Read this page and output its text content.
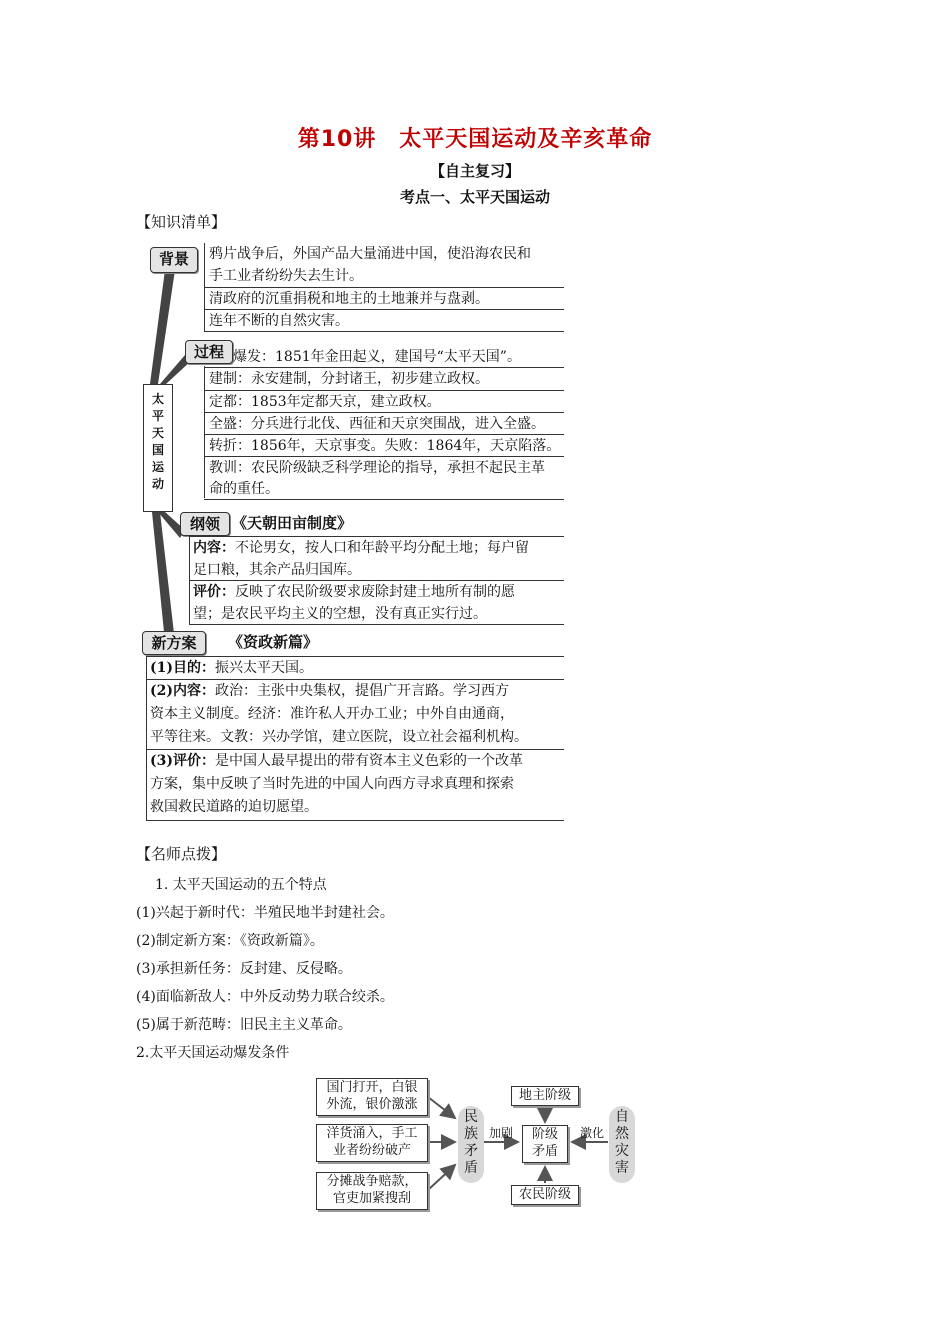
第10讲　太平天国运动及辛亥革命
【自主复习】
考点一、太平天国运动
【知识清单】
太
平
天
国
运
动
背景	鸦片战争后，外国产品大量涌进中国，使沿海农民和
手工业者纷纷失去生计。
清政府的沉重捐税和地主的土地兼并与盘剥。
连年不断的自然灾害。
过程 爆发：1851年金田起义，建国号“太平天国”。
建制：永安建制，分封诸王，初步建立政权。
定都：1853年定都天京，建立政权。
全盛：分兵进行北伐、西征和天京突围战，进入全盛。
转折：1856年，天京事变。失败：1864年，天京陷落。
教训：农民阶级缺乏科学理论的指导，承担不起民主革
命的重任。
纲领 《天朝田亩制度》
内容：不论男女，按人口和年龄平均分配土地；每户留
足口粮，其余产品归国库。
评价：反映了农民阶级要求废除封建土地所有制的愿
望；是农民平均主义的空想，没有真正实行过。
新方案	《资政新篇》
(1)目的：振兴太平天国。
(2)内容：政治：主张中央集权，提倡广开言路。学习西方
资本主义制度。经济：准许私人开办工业；中外自由通商，
平等往来。文教：兴办学馆，建立医院，设立社会福利机构。
(3)评价：是中国人最早提出的带有资本主义色彩的一个改革
方案，集中反映了当时先进的中国人向西方寻求真理和探索
救国救民道路的迫切愿望。
【名师点拨】
1. 太平天国运动的五个特点
(1)兴起于新时代：半殖民地半封建社会。
(2)制定新方案：《资政新篇》。
(3)承担新任务：反封建、反侵略。
(4)面临新敌人：中外反动势力联合绞杀。
(5)属于新范畴：旧民主主义革命。
2.太平天国运动爆发条件
国门打开，白银
外流，银价激涨
洋货涌入，手工
业者纷纷破产
分摊战争赔款，
官吏加紧搜刮
民
族
矛
盾
加剧
地主阶级
阶级
矛盾
农民阶级
激化
自
然
灾
害
